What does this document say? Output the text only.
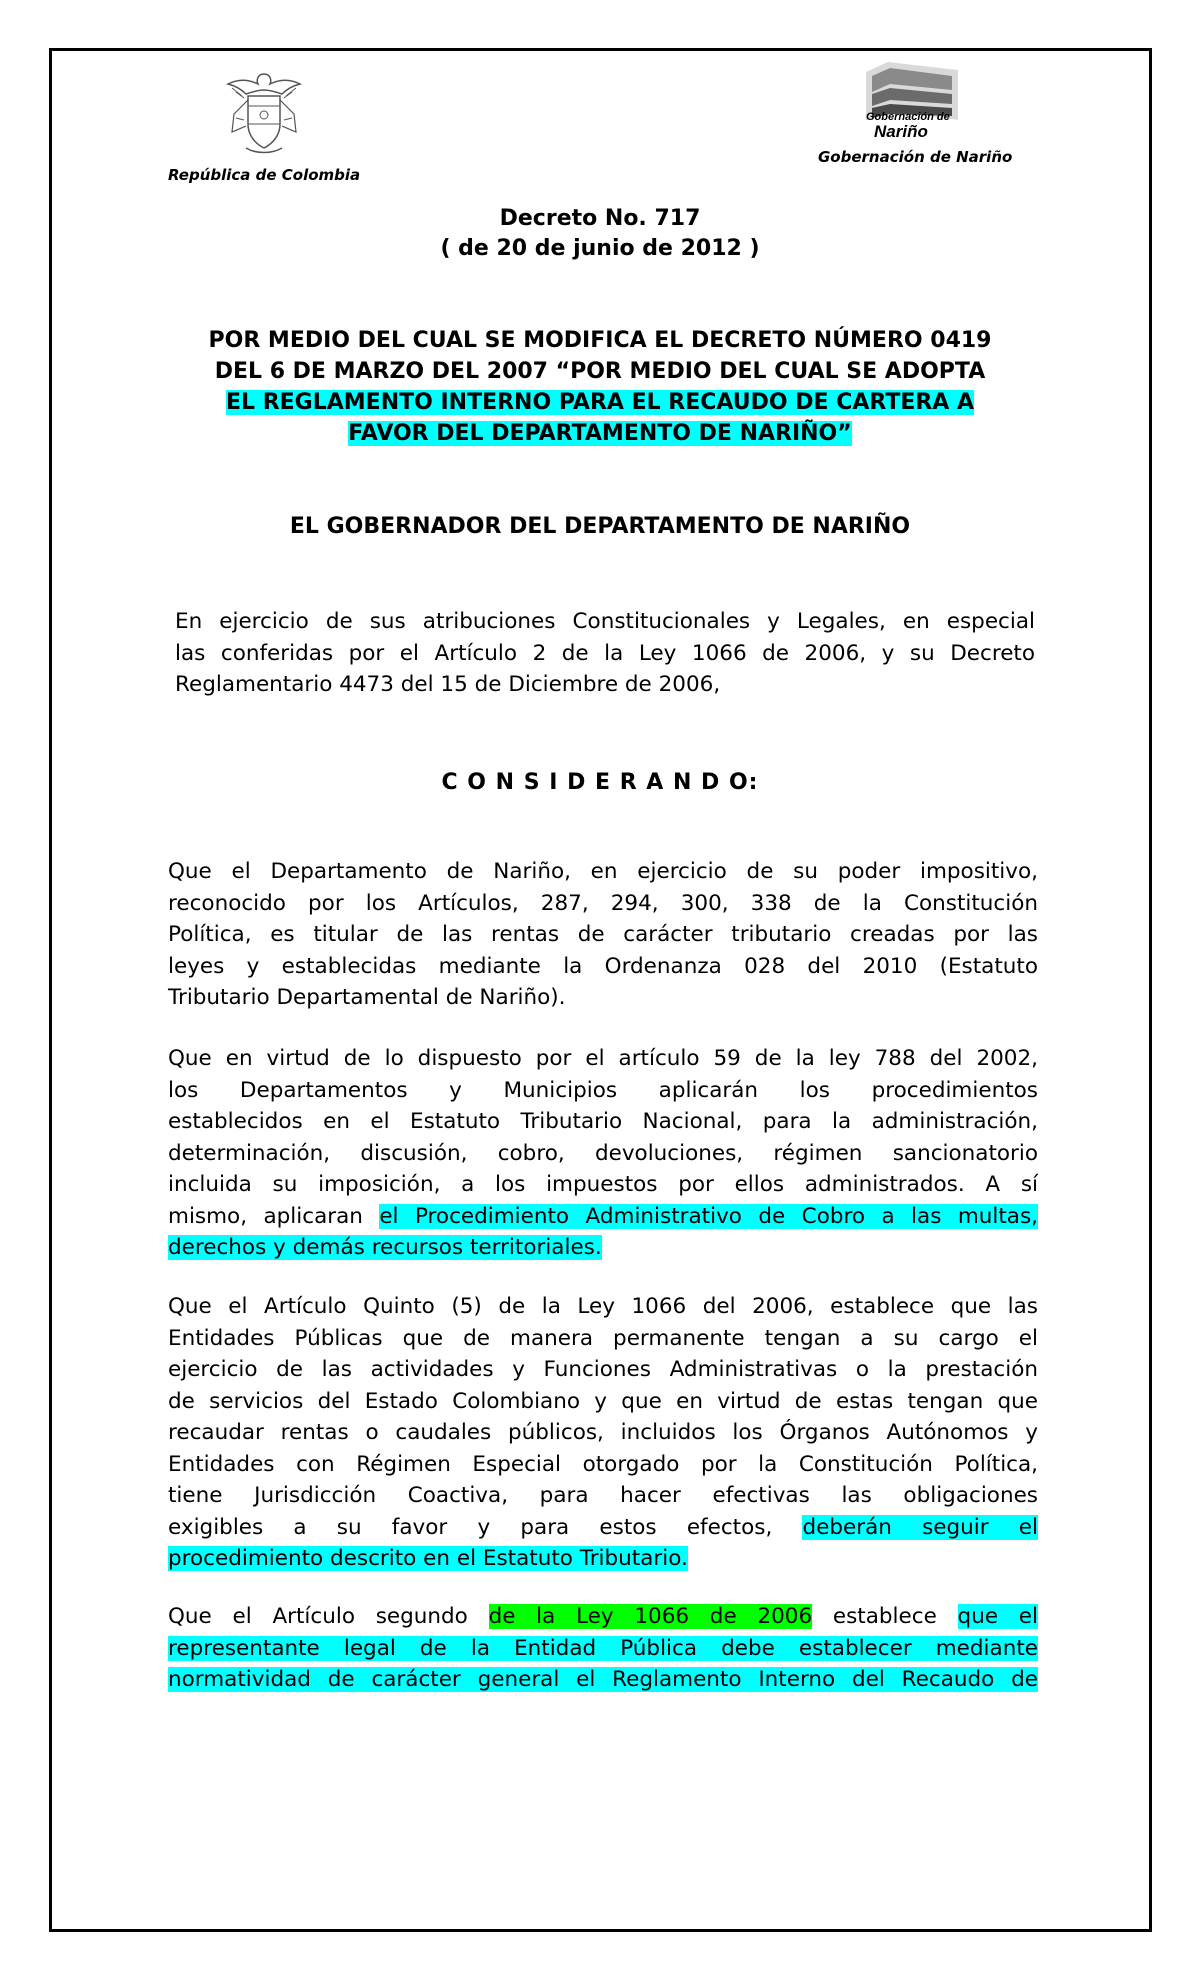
República de Colombia
Gobernación de
Nariño
Gobernación de Nariño
Decreto No. 717
( de 20 de junio de 2012 )
POR MEDIO DEL CUAL SE MODIFICA EL DECRETO NÚMERO 0419
DEL 6 DE MARZO DEL 2007 “POR MEDIO DEL CUAL SE ADOPTA
EL REGLAMENTO INTERNO PARA EL RECAUDO DE CARTERA A
FAVOR DEL DEPARTAMENTO DE NARIÑO”
EL GOBERNADOR DEL DEPARTAMENTO DE NARIÑO
En ejercicio de sus atribuciones Constitucionales y Legales, en especial
las conferidas por el Artículo 2 de la Ley 1066 de 2006, y su Decreto
Reglamentario 4473 del 15 de Diciembre de 2006,
C O N S I D E R A N D O:
Que el Departamento de Nariño, en ejercicio de su poder impositivo,
reconocido por los Artículos, 287, 294, 300, 338 de la Constitución
Política, es titular de las rentas de carácter tributario creadas por las
leyes y establecidas mediante la Ordenanza 028 del 2010 (Estatuto
Tributario Departamental de Nariño).
Que en virtud de lo dispuesto por el artículo 59 de la ley 788 del 2002,
los Departamentos y Municipios aplicarán los procedimientos
establecidos en el Estatuto Tributario Nacional, para la administración,
determinación, discusión, cobro, devoluciones, régimen sancionatorio
incluida su imposición, a los impuestos por ellos administrados. A sí
mismo, aplicaran el Procedimiento Administrativo de Cobro a las multas,
derechos y demás recursos territoriales.
Que el Artículo Quinto (5) de la Ley 1066 del 2006, establece que las
Entidades Públicas que de manera permanente tengan a su cargo el
ejercicio de las actividades y Funciones Administrativas o la prestación
de servicios del Estado Colombiano y que en virtud de estas tengan que
recaudar rentas o caudales públicos, incluidos los Órganos Autónomos y
Entidades con Régimen Especial otorgado por la Constitución Política,
tiene Jurisdicción Coactiva, para hacer efectivas las obligaciones
exigibles a su favor y para estos efectos, deberán seguir el
procedimiento descrito en el Estatuto Tributario.
Que el Artículo segundo de la Ley 1066 de 2006 establece que el
representante legal de la Entidad Pública debe establecer mediante
normatividad de carácter general el Reglamento Interno del Recaudo de
